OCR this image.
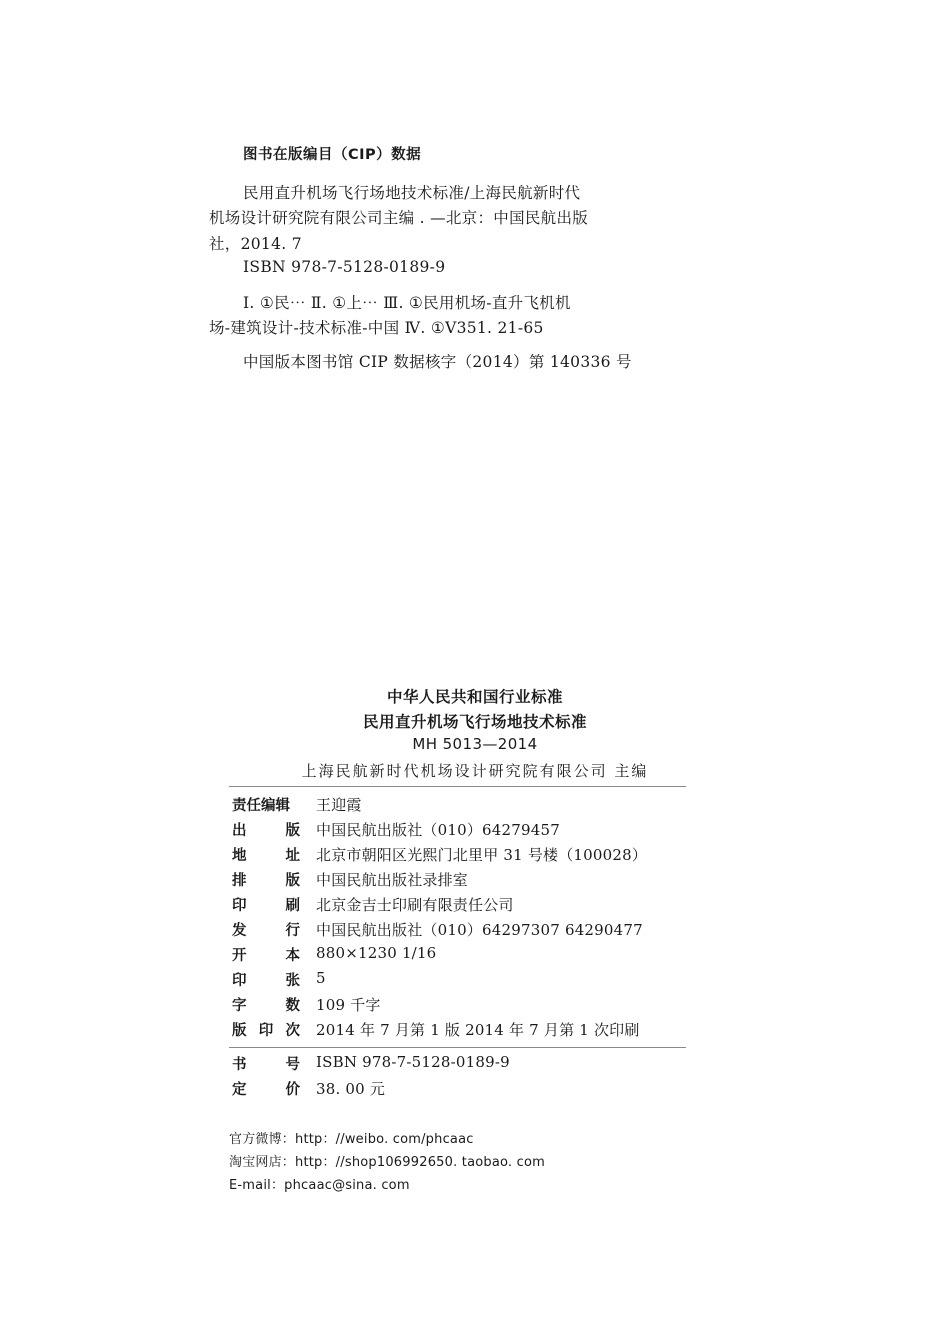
图书在版编目（CIP）数据
民用直升机场飞行场地技术标准/上海民航新时代
机场设计研究院有限公司主编 . —北京：中国民航出版
社，2014. 7
ISBN 978-7-5128-0189-9
Ⅰ. ①民⋯ Ⅱ. ①上⋯ Ⅲ. ①民用机场-直升飞机机
场-建筑设计-技术标准-中国 Ⅳ. ①V351. 21-65
中国版本图书馆 CIP 数据核字（2014）第 140336 号
中华人民共和国行业标准
民用直升机场飞行场地技术标准
MH 5013—2014
上海民航新时代机场设计研究院有限公司 主编
责任编辑 王迎霞
出	版 中国民航出版社（010）64279457
地	址 北京市朝阳区光熙门北里甲 31 号楼（100028）
排	版 中国民航出版社录排室
印	刷 北京金吉士印刷有限责任公司
发	行 中国民航出版社（010）64297307 64290477
开	本 880×1230 1/16
印	张 5
字	数 109 千字
版 印 次 2014 年 7 月第 1 版 2014 年 7 月第 1 次印刷
书	号 ISBN 978-7-5128-0189-9
定	价 38. 00 元
官方微博：http：//weibo. com/phcaac
淘宝网店：http：//shop106992650. taobao. com
E-mail：phcaac@sina. com
